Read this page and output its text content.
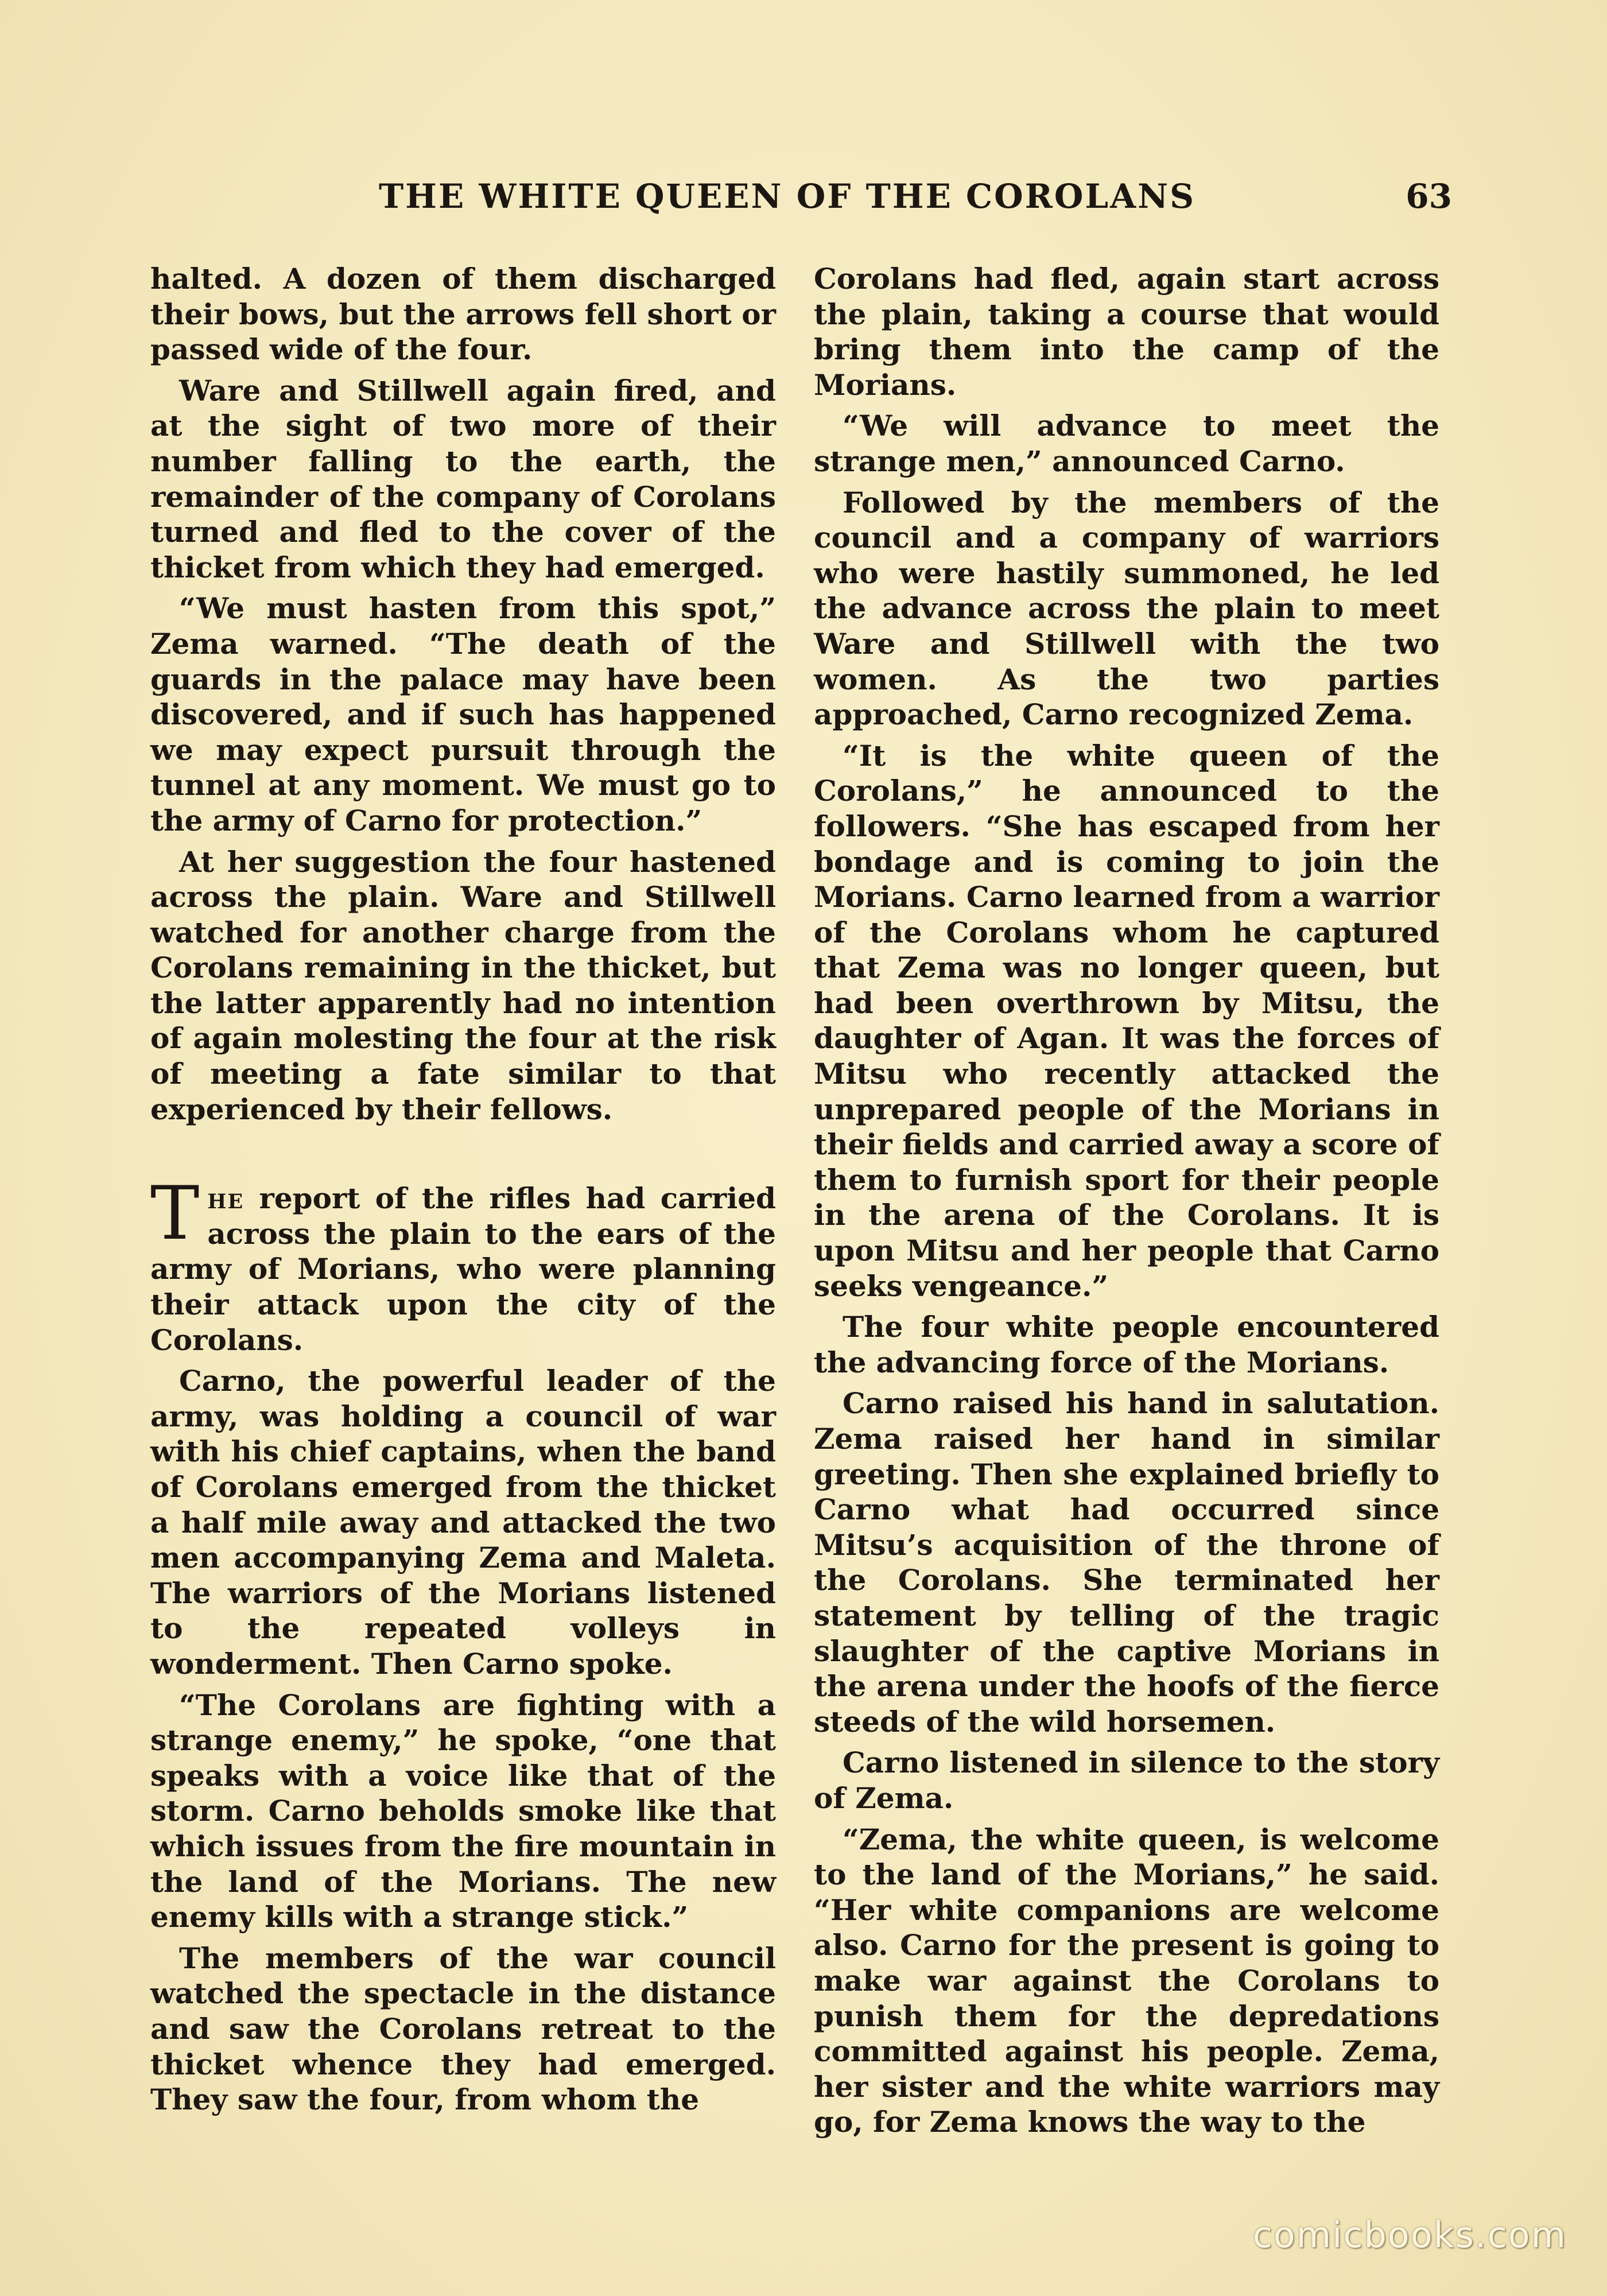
THE WHITE QUEEN OF THE COROLANS	63

halted. A dozen of them discharged their bows, but the arrows fell short or passed wide of the four.

Ware and Stillwell again fired, and at the sight of two more of their number falling to the earth, the remainder of the company of Corolans turned and fled to the cover of the thicket from which they had emerged.

“We must hasten from this spot,” Zema warned. “The death of the guards in the palace may have been discovered, and if such has happened we may expect pursuit through the tunnel at any moment. We must go to the army of Carno for protection.”

At her suggestion the four hastened across the plain. Ware and Stillwell watched for another charge from the Corolans remaining in the thicket, but the latter apparently had no intention of again molesting the four at the risk of meeting a fate similar to that experienced by their fellows.

The report of the rifles had carried across the plain to the ears of the army of Morians, who were planning their attack upon the city of the Corolans.

Carno, the powerful leader of the army, was holding a council of war with his chief captains, when the band of Corolans emerged from the thicket a half mile away and attacked the two men accompanying Zema and Maleta. The warriors of the Morians listened to the repeated volleys in wonderment. Then Carno spoke.

“The Corolans are fighting with a strange enemy,” he spoke, “one that speaks with a voice like that of the storm. Carno beholds smoke like that which issues from the fire mountain in the land of the Morians. The new enemy kills with a strange stick.”

The members of the war council watched the spectacle in the distance and saw the Corolans retreat to the thicket whence they had emerged. They saw the four, from whom the

Corolans had fled, again start across the plain, taking a course that would bring them into the camp of the Morians.

“We will advance to meet the strange men,” announced Carno.

Followed by the members of the council and a company of warriors who were hastily summoned, he led the advance across the plain to meet Ware and Stillwell with the two women. As the two parties approached, Carno recognized Zema.

“It is the white queen of the Corolans,” he announced to the followers. “She has escaped from her bondage and is coming to join the Morians. Carno learned from a warrior of the Corolans whom he captured that Zema was no longer queen, but had been overthrown by Mitsu, the daughter of Agan. It was the forces of Mitsu who recently attacked the unprepared people of the Morians in their fields and carried away a score of them to furnish sport for their people in the arena of the Corolans. It is upon Mitsu and her people that Carno seeks vengeance.”

The four white people encountered the advancing force of the Morians.

Carno raised his hand in salutation. Zema raised her hand in similar greeting. Then she explained briefly to Carno what had occurred since Mitsu’s acquisition of the throne of the Corolans. She terminated her statement by telling of the tragic slaughter of the captive Morians in the arena under the hoofs of the fierce steeds of the wild horsemen.

Carno listened in silence to the story of Zema.

“Zema, the white queen, is welcome to the land of the Morians,” he said. “Her white companions are welcome also. Carno for the present is going to make war against the Corolans to punish them for the depredations committed against his people. Zema, her sister and the white warriors may go, for Zema knows the way to the

comicbooks.com
